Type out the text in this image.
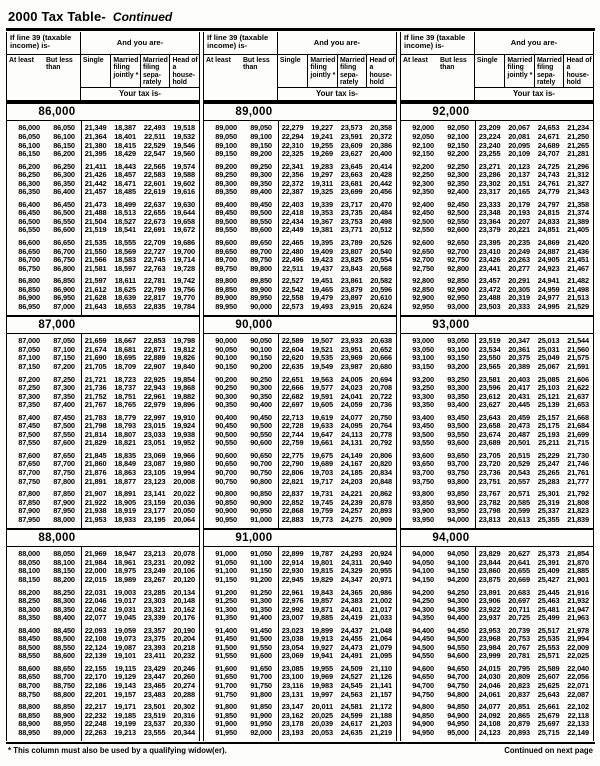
2000 Tax Table- Continued
If line 39 (taxable income) is-	And you are-
At least	But less than
Single	Married filing jointly *
Married filing sepa- rately
Head of a house- hold
Your tax is-
86,000
86,000	86,050	21,349	18,387	22,493	19,518
86,050	86,100	21,364	18,401	22,511	19,532
86,100	86,150	21,380	18,415	22,529	19,546
86,150	86,200	21,395	18,429	22,547	19,560
86,200	86,250	21,411	18,443	22,565	19,574
86,250	86,300	21,426	18,457	22,583	19,588
86,300	86,350	21,442	18,471	22,601	19,602
86,350	86,400	21,457	18,485	22,619	19,616
86,400	86,450	21,473	18,499	22,637	19,630
86,450	86,500	21,488	18,513	22,655	19,644
86,500	86,550	21,504	18,527	22,673	19,658
86,550	86,600	21,519	18,541	22,691	19,672
86,600	86,650	21,535	18,555	22,709	19,686
86,650	86,700	21,550	18,569	22,727	19,700
86,700	86,750	21,566	18,583	22,745	19,714
86,750	86,800	21,581	18,597	22,763	19,728
86,800	86,850	21,597	18,611	22,781	19,742
86,850	86,900	21,612	18,625	22,799	19,756
86,900	86,950	21,628	18,639	22,817	19,770
86,950	87,000	21,643	18,653	22,835	19,784
87,000
87,000	87,050	21,659	18,667	22,853	19,798
87,050	87,100	21,674	18,681	22,871	19,812
87,100	87,150	21,690	18,695	22,889	19,826
87,150	87,200	21,705	18,709	22,907	19,840
87,200	87,250	21,721	18,723	22,925	19,854
87,250	87,300	21,736	18,737	22,943	19,868
87,300	87,350	21,752	18,751	22,961	19,882
87,350	87,400	21,767	18,765	22,979	19,896
87,400	87,450	21,783	18,779	22,997	19,910
87,450	87,500	21,798	18,793	23,015	19,924
87,500	87,550	21,814	18,807	23,033	19,938
87,550	87,600	21,829	18,821	23,051	19,952
87,600	87,650	21,845	18,835	23,069	19,966
87,650	87,700	21,860	18,849	23,087	19,980
87,700	87,750	21,876	18,863	23,105	19,994
87,750	87,800	21,891	18,877	23,123	20,008
87,800	87,850	21,907	18,891	23,141	20,022
87,850	87,900	21,922	18,905	23,159	20,036
87,900	87,950	21,938	18,919	23,177	20,050
87,950	88,000	21,953	18,933	23,195	20,064
88,000
88,000	88,050	21,969	18,947	23,213	20,078
88,050	88,100	21,984	18,961	23,231	20,092
88,100	88,150	22,000	18,975	23,249	20,106
88,150	88,200	22,015	18,989	23,267	20,120
88,200	88,250	22,031	19,003	23,285	20,134
88,250	88,300	22,046	19,017	23,303	20,148
88,300	88,350	22,062	19,031	23,321	20,162
88,350	88,400	22,077	19,045	23,339	20,176
88,400	88,450	22,093	19,059	23,357	20,190
88,450	88,500	22,108	19,073	23,375	20,204
88,500	88,550	22,124	19,087	23,393	20,218
88,550	88,600	22,139	19,101	23,411	20,232
88,600	88,650	22,155	19,115	23,429	20,246
88,650	88,700	22,170	19,129	23,447	20,260
88,700	88,750	22,186	19,143	23,465	20,274
88,750	88,800	22,201	19,157	23,483	20,288
88,800	88,850	22,217	19,171	23,501	20,302
88,850	88,900	22,232	19,185	23,519	20,316
88,900	88,950	22,248	19,199	23,537	20,330
88,950	89,000	22,263	19,213	23,555	20,344
If line 39 (taxable income) is-	And you are-
At least	But less than
Single	Married filing jointly *
Married filing sepa- rately
Head of a house- hold
Your tax is-
89,000
89,000	89,050	22,279	19,227	23,573	20,358
89,050	89,100	22,294	19,241	23,591	20,372
89,100	89,150	22,310	19,255	23,609	20,386
89,150	89,200	22,325	19,269	23,627	20,400
89,200	89,250	22,341	19,283	23,645	20,414
89,250	89,300	22,356	19,297	23,663	20,428
89,300	89,350	22,372	19,311	23,681	20,442
89,350	89,400	22,387	19,325	23,699	20,456
89,400	89,450	22,403	19,339	23,717	20,470
89,450	89,500	22,418	19,353	23,735	20,484
89,500	89,550	22,434	19,367	23,753	20,498
89,550	89,600	22,449	19,381	23,771	20,512
89,600	89,650	22,465	19,395	23,789	20,526
89,650	89,700	22,480	19,409	23,807	20,540
89,700	89,750	22,496	19,423	23,825	20,554
89,750	89,800	22,511	19,437	23,843	20,568
89,800	89,850	22,527	19,451	23,861	20,582
89,850	89,900	22,542	19,465	23,879	20,596
89,900	89,950	22,558	19,479	23,897	20,610
89,950	90,000	22,573	19,493	23,915	20,624
90,000
90,000	90,050	22,589	19,507	23,933	20,638
90,050	90,100	22,604	19,521	23,951	20,652
90,100	90,150	22,620	19,535	23,969	20,666
90,150	90,200	22,635	19,549	23,987	20,680
90,200	90,250	22,651	19,563	24,005	20,694
90,250	90,300	22,666	19,577	24,023	20,708
90,300	90,350	22,682	19,591	24,041	20,722
90,350	90,400	22,697	19,605	24,059	20,736
90,400	90,450	22,713	19,619	24,077	20,750
90,450	90,500	22,728	19,633	24,095	20,764
90,500	90,550	22,744	19,647	24,113	20,778
90,550	90,600	22,759	19,661	24,131	20,792
90,600	90,650	22,775	19,675	24,149	20,806
90,650	90,700	22,790	19,689	24,167	20,820
90,700	90,750	22,806	19,703	24,185	20,834
90,750	90,800	22,821	19,717	24,203	20,848
90,800	90,850	22,837	19,731	24,221	20,862
90,850	90,900	22,852	19,745	24,239	20,878
90,900	90,950	22,868	19,759	24,257	20,893
90,950	91,000	22,883	19,773	24,275	20,909
91,000
91,000	91,050	22,899	19,787	24,293	20,924
91,050	91,100	22,914	19,801	24,311	20,940
91,100	91,150	22,930	19,815	24,329	20,955
91,150	91,200	22,945	19,829	24,347	20,971
91,200	91,250	22,961	19,843	24,365	20,986
91,250	91,300	22,976	19,857	24,383	21,002
91,300	91,350	22,992	19,871	24,401	21,017
91,350	91,400	23,007	19,885	24,419	21,033
91,400	91,450	23,023	19,899	24,437	21,048
91,450	91,500	23,038	19,913	24,455	21,064
91,500	91,550	23,054	19,927	24,473	21,079
91,550	91,600	23,069	19,941	24,491	21,095
91,600	91,650	23,085	19,955	24,509	21,110
91,650	91,700	23,100	19,969	24,527	21,126
91,700	91,750	23,116	19,983	24,545	21,141
91,750	91,800	23,131	19,997	24,563	21,157
91,800	91,850	23,147	20,011	24,581	21,172
91,850	91,900	23,162	20,025	24,599	21,188
91,900	91,950	23,178	20,039	24,617	21,203
91,950	92,000	23,193	20,053	24,635	21,219
If line 39 (taxable income) is-	And you are-
At least	But less than
Single	Married filing jointly *
Married filing sepa- rately
Head of a house- hold
Your tax is-
92,000
92,000	92,050	23,209	20,067	24,653	21,234
92,050	92,100	23,224	20,081	24,671	21,250
92,100	92,150	23,240	20,095	24,689	21,265
92,150	92,200	23,255	20,109	24,707	21,281
92,200	92,250	23,271	20,123	24,725	21,296
92,250	92,300	23,286	20,137	24,743	21,312
92,300	92,350	23,302	20,151	24,761	21,327
92,350	92,400	23,317	20,165	24,779	21,343
92,400	92,450	23,333	20,179	24,797	21,358
92,450	92,500	23,348	20,193	24,815	21,374
92,500	92,550	23,364	20,207	24,833	21,389
92,550	92,600	23,379	20,221	24,851	21,405
92,600	92,650	23,395	20,235	24,869	21,420
92,650	92,700	23,410	20,249	24,887	21,436
92,700	92,750	23,426	20,263	24,905	21,451
92,750	92,800	23,441	20,277	24,923	21,467
92,800	92,850	23,457	20,291	24,941	21,482
92,850	92,900	23,472	20,305	24,959	21,498
92,900	92,950	23,488	20,319	24,977	21,513
92,950	93,000	23,503	20,333	24,995	21,529
93,000
93,000	93,050	23,519	20,347	25,013	21,544
93,050	93,100	23,534	20,361	25,031	21,560
93,100	93,150	23,550	20,375	25,049	21,575
93,150	93,200	23,565	20,389	25,067	21,591
93,200	93,250	23,581	20,403	25,085	21,606
93,250	93,300	23,596	20,417	25,103	21,622
93,300	93,350	23,612	20,431	25,121	21,637
93,350	93,400	23,627	20,445	25,139	21,653
93,400	93,450	23,643	20,459	25,157	21,668
93,450	93,500	23,658	20,473	25,175	21,684
93,500	93,550	23,674	20,487	25,193	21,699
93,550	93,600	23,689	20,501	25,211	21,715
93,600	93,650	23,705	20,515	25,229	21,730
93,650	93,700	23,720	20,529	25,247	21,746
93,700	93,750	23,736	20,543	25,265	21,761
93,750	93,800	23,751	20,557	25,283	21,777
93,800	93,850	23,767	20,571	25,301	21,792
93,850	93,900	23,782	20,585	25,319	21,808
93,900	93,950	23,798	20,599	25,337	21,823
93,950	94,000	23,813	20,613	25,355	21,839
94,000
94,000	94,050	23,829	20,627	25,373	21,854
94,050	94,100	23,844	20,641	25,391	21,870
94,100	94,150	23,860	20,655	25,409	21,885
94,150	94,200	23,875	20,669	25,427	21,901
94,200	94,250	23,891	20,683	25,445	21,916
94,250	94,300	23,906	20,697	25,463	21,932
94,300	94,350	23,922	20,711	25,481	21,947
94,350	94,400	23,937	20,725	25,499	21,963
94,400	94,450	23,953	20,739	25,517	21,978
94,450	94,500	23,968	20,753	25,535	21,994
94,500	94,550	23,984	20,767	25,553	22,009
94,550	94,600	23,999	20,781	25,571	22,025
94,600	94,650	24,015	20,795	25,589	22,040
94,650	94,700	24,030	20,809	25,607	22,056
94,700	94,750	24,046	20,823	25,625	22,071
94,750	94,800	24,061	20,837	25,643	22,087
94,800	94,850	24,077	20,851	25,661	22,102
94,850	94,900	24,092	20,865	25,679	22,118
94,900	94,950	24,108	20,879	25,697	22,133
94,950	95,000	24,123	20,893	25,715	22,149
* This column must also be used by a qualifying widow(er).	Continued on next page
